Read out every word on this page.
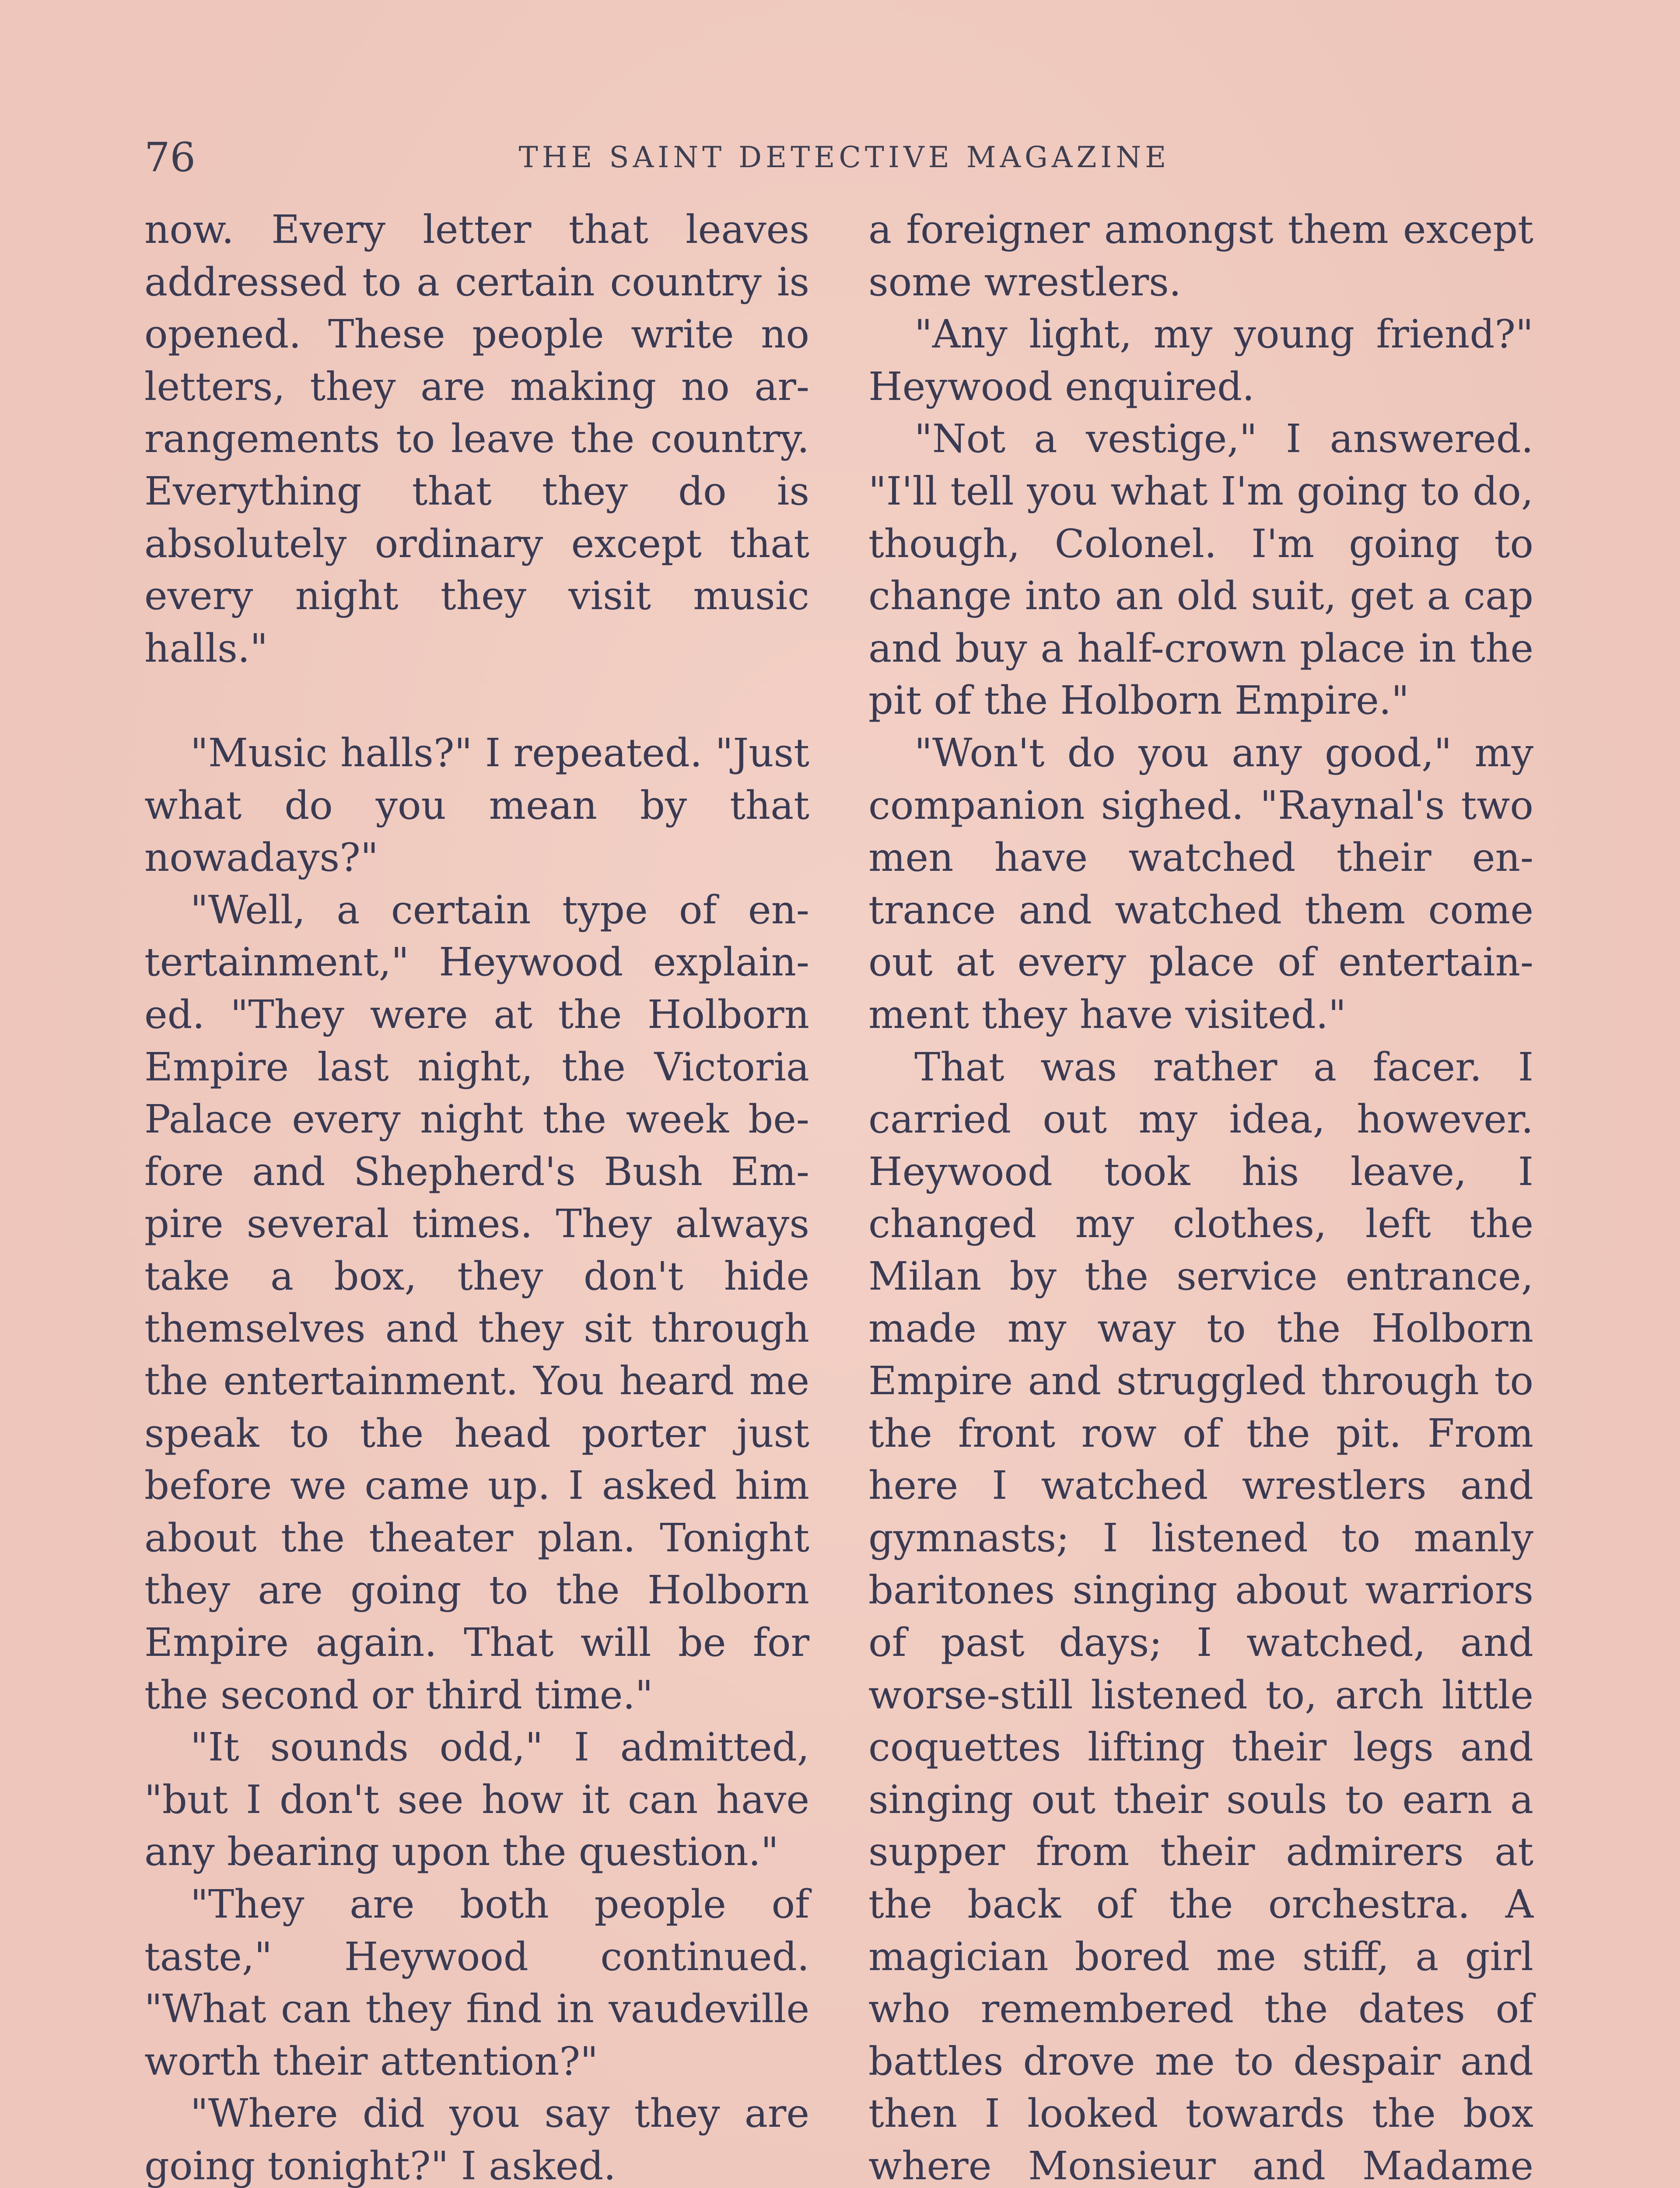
76	THE SAINT DETECTIVE MAGAZINE

now. Every letter that leaves addressed to a certain country is opened. These people write no letters, they are making no arrangements to leave the country. Everything that they do is absolutely ordinary except that every night they visit music halls."

"Music halls?" I repeated. "Just what do you mean by that nowadays?"

"Well, a certain type of entertainment," Heywood explained. "They were at the Holborn Empire last night, the Victoria Palace every night the week before and Shepherd's Bush Empire several times. They always take a box, they don't hide themselves and they sit through the entertainment. You heard me speak to the head porter just before we came up. I asked him about the theater plan. Tonight they are going to the Holborn Empire again. That will be for the second or third time."

"It sounds odd," I admitted, "but I don't see how it can have any bearing upon the question."

"They are both people of taste," Heywood continued. "What can they find in vaudeville worth their attention?"

"Where did you say they are going tonight?" I asked.

a foreigner amongst them except some wrestlers.

"Any light, my young friend?" Heywood enquired.

"Not a vestige," I answered. "I'll tell you what I'm going to do, though, Colonel. I'm going to change into an old suit, get a cap and buy a half-crown place in the pit of the Holborn Empire."

"Won't do you any good," my companion sighed. "Raynal's two men have watched their entrance and watched them come out at every place of entertainment they have visited."

That was rather a facer. I carried out my idea, however. Heywood took his leave, I changed my clothes, left the Milan by the service entrance, made my way to the Holborn Empire and struggled through to the front row of the pit. From here I watched wrestlers and gymnasts; I listened to manly baritones singing about warriors of past days; I watched, and worse-still listened to, arch little coquettes lifting their legs and singing out their souls to earn a supper from their admirers at the back of the orchestra. A magician bored me stiff, a girl who remembered the dates of battles drove me to despair and then I looked towards the box where Monsieur and Madame
